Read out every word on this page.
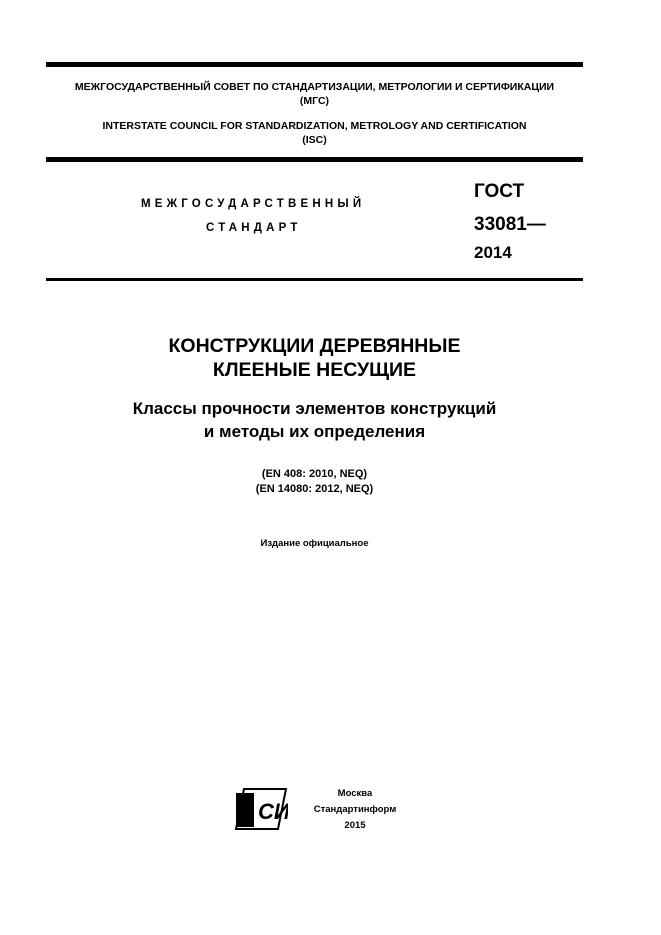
МЕЖГОСУДАРСТВЕННЫЙ СОВЕТ ПО СТАНДАРТИЗАЦИИ, МЕТРОЛОГИИ И СЕРТИФИКАЦИИ
(МГС)
INTERSTATE COUNCIL FOR STANDARDIZATION, METROLOGY AND CERTIFICATION
(ISC)
МЕЖГОСУДАРСТВЕННЫЙ
СТАНДАРТ
ГОСТ
33081—
2014
КОНСТРУКЦИИ ДЕРЕВЯННЫЕ
КЛЕЕНЫЕ НЕСУЩИЕ
Классы прочности элементов конструкций
и методы их определения
(EN 408: 2010, NEQ)
(EN 14080: 2012, NEQ)
Издание официальное
СИ
Москва
Стандартинформ
2015
